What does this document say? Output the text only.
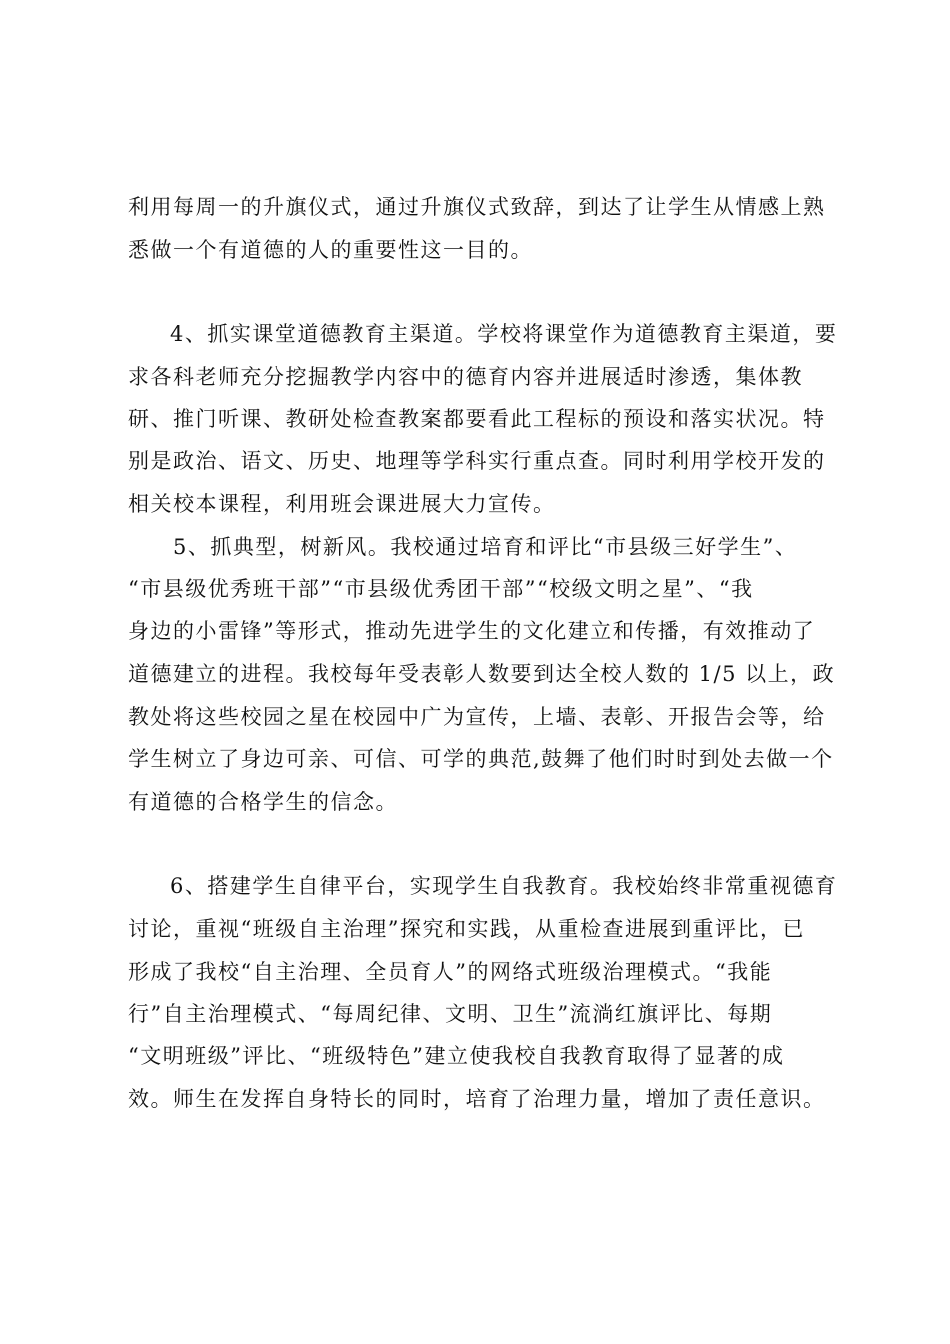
利用每周一的升旗仪式，通过升旗仪式致辞，到达了让学生从情感上熟
悉做一个有道德的人的重要性这一目的。
4、抓实课堂道德教育主渠道。学校将课堂作为道德教育主渠道，要
求各科老师充分挖掘教学内容中的德育内容并进展适时渗透，集体教
研、推门听课、教研处检查教案都要看此工程标的预设和落实状况。特
别是政治、语文、历史、地理等学科实行重点查。同时利用学校开发的
相关校本课程，利用班会课进展大力宣传。
5、抓典型，树新风。我校通过培育和评比“市县级三好学生”、
“市县级优秀班干部”“市县级优秀团干部”“校级文明之星”、“我
身边的小雷锋”等形式，推动先进学生的文化建立和传播，有效推动了
道德建立的进程。我校每年受表彰人数要到达全校人数的 1/5 以上，政
教处将这些校园之星在校园中广为宣传，上墙、表彰、开报告会等，给
学生树立了身边可亲、可信、可学的典范,鼓舞了他们时时到处去做一个
有道德的合格学生的信念。
6、搭建学生自律平台，实现学生自我教育。我校始终非常重视德育
讨论，重视“班级自主治理”探究和实践，从重检查进展到重评比，已
形成了我校“自主治理、全员育人”的网络式班级治理模式。“我能
行”自主治理模式、“每周纪律、文明、卫生”流淌红旗评比、每期
“文明班级”评比、“班级特色”建立使我校自我教育取得了显著的成
效。师生在发挥自身特长的同时，培育了治理力量，增加了责任意识。
